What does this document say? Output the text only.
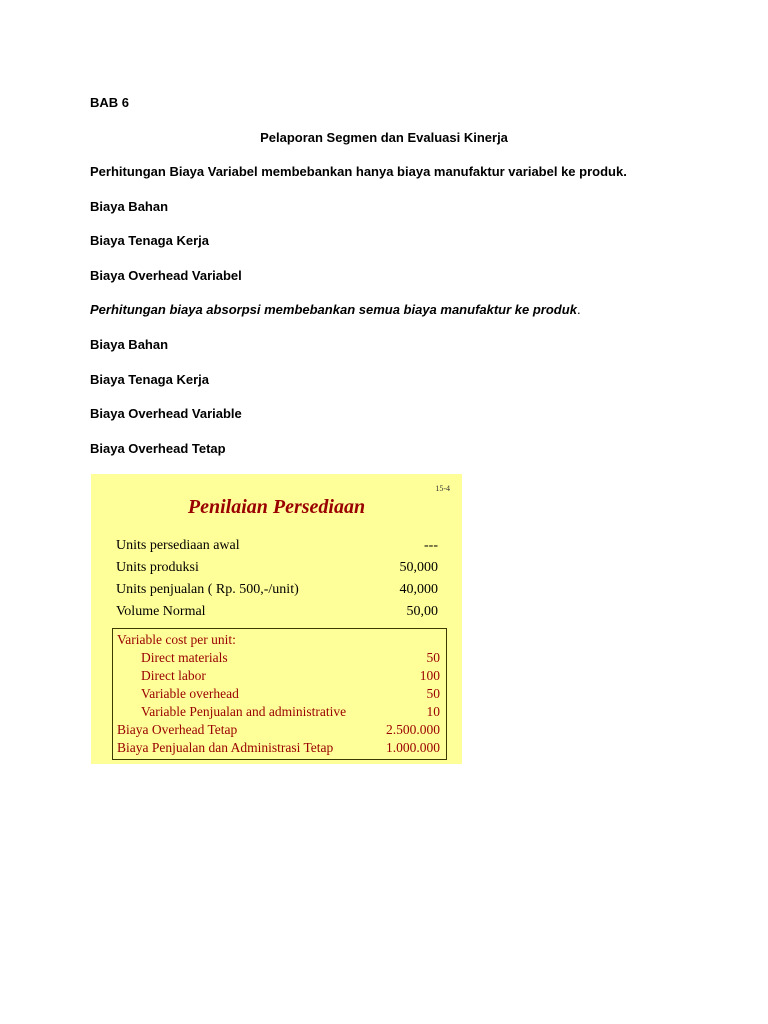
BAB 6
Pelaporan Segmen dan Evaluasi Kinerja
Perhitungan Biaya Variabel membebankan hanya biaya manufaktur variabel ke produk.
Biaya Bahan
Biaya Tenaga Kerja
Biaya Overhead Variabel
Perhitungan biaya absorpsi membebankan semua biaya manufaktur ke produk.
Biaya Bahan
Biaya Tenaga Kerja
Biaya Overhead Variable
Biaya Overhead Tetap
15-4
Penilaian Persediaan
Units persediaan awal	---
Units produksi	50,000
Units penjualan ( Rp. 500,-/unit)	40,000
Volume Normal	50,00
Variable cost per unit:
Direct materials	50
Direct labor	100
Variable overhead	50
Variable Penjualan and administrative	10
Biaya Overhead Tetap	2.500.000
Biaya Penjualan dan Administrasi Tetap	1.000.000
